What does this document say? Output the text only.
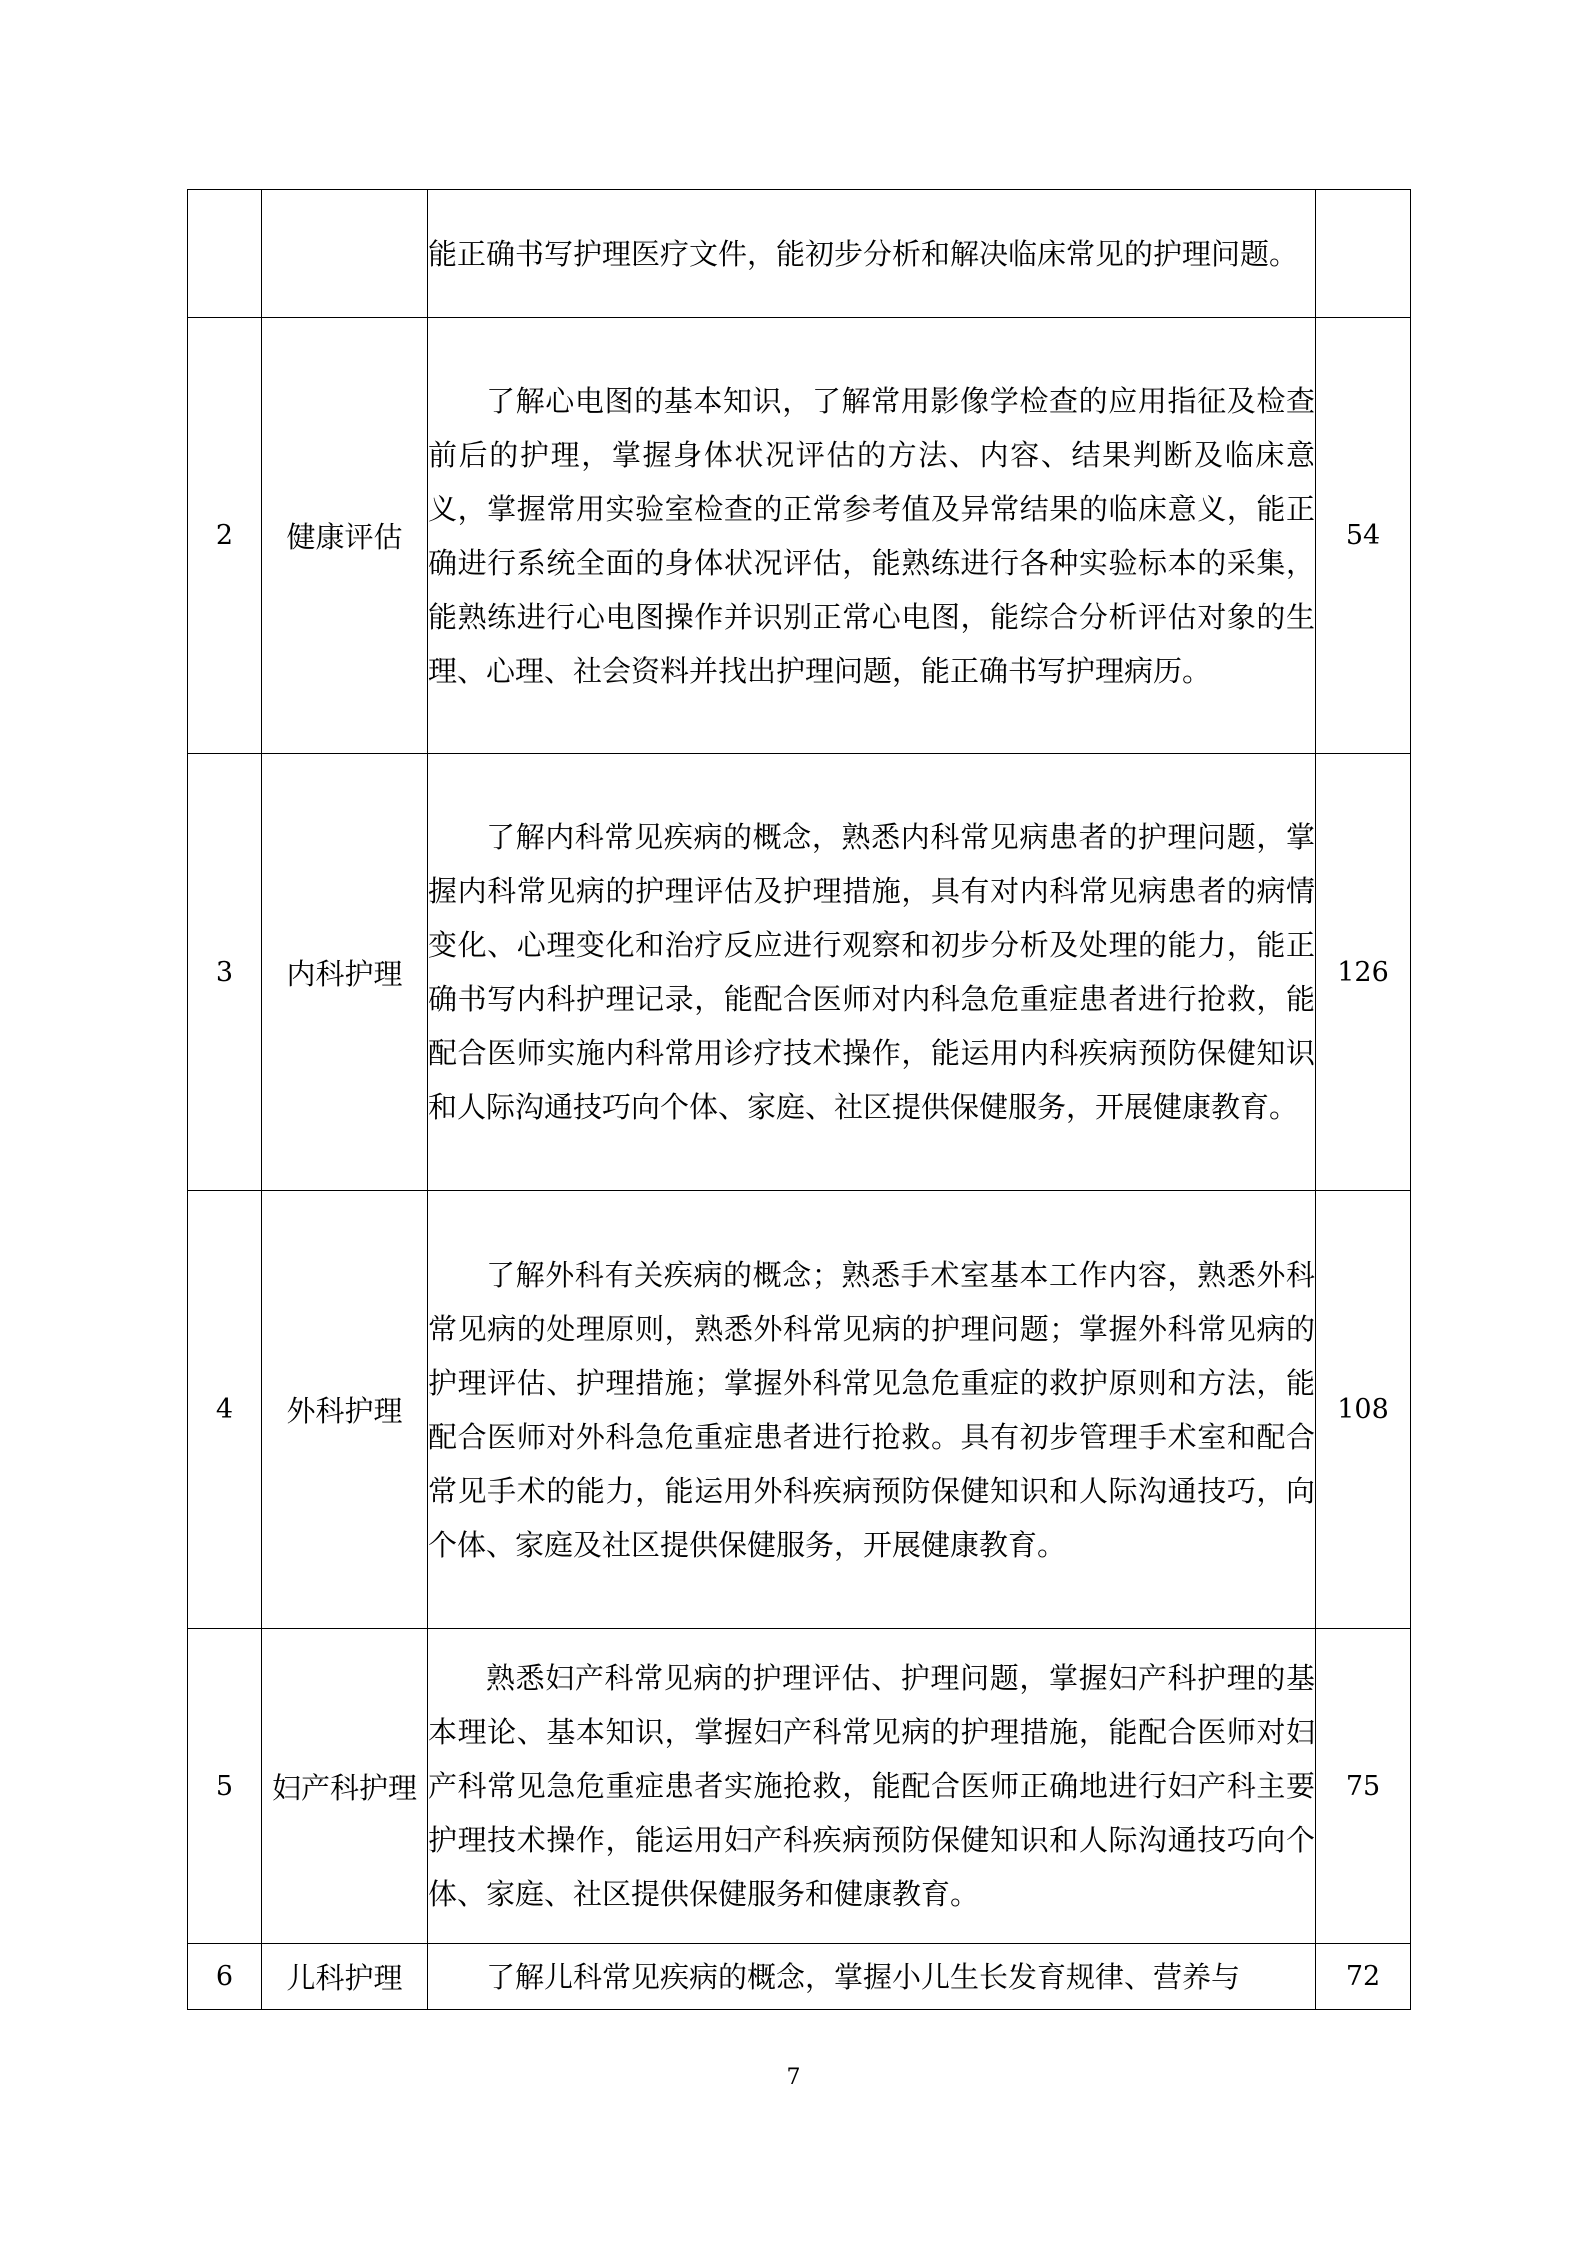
		能正确书写护理医疗文件，能初步分析和解决临床常见的护理问题。	
2	健康评估	了解心电图的基本知识，了解常用影像学检查的应用指征及检查前后的护理，掌握身体状况评估的方法、内容、结果判断及临床意义，掌握常用实验室检查的正常参考值及异常结果的临床意义，能正确进行系统全面的身体状况评估，能熟练进行各种实验标本的采集，能熟练进行心电图操作并识别正常心电图，能综合分析评估对象的生理、心理、社会资料并找出护理问题，能正确书写护理病历。	54
3	内科护理	了解内科常见疾病的概念，熟悉内科常见病患者的护理问题，掌握内科常见病的护理评估及护理措施，具有对内科常见病患者的病情变化、心理变化和治疗反应进行观察和初步分析及处理的能力，能正确书写内科护理记录，能配合医师对内科急危重症患者进行抢救，能配合医师实施内科常用诊疗技术操作，能运用内科疾病预防保健知识和人际沟通技巧向个体、家庭、社区提供保健服务，开展健康教育。	126
4	外科护理	了解外科有关疾病的概念；熟悉手术室基本工作内容，熟悉外科常见病的处理原则，熟悉外科常见病的护理问题；掌握外科常见病的护理评估、护理措施；掌握外科常见急危重症的救护原则和方法，能配合医师对外科急危重症患者进行抢救。具有初步管理手术室和配合常见手术的能力，能运用外科疾病预防保健知识和人际沟通技巧，向个体、家庭及社区提供保健服务，开展健康教育。	108
5	妇产科护理	熟悉妇产科常见病的护理评估、护理问题，掌握妇产科护理的基本理论、基本知识，掌握妇产科常见病的护理措施，能配合医师对妇产科常见急危重症患者实施抢救，能配合医师正确地进行妇产科主要护理技术操作，能运用妇产科疾病预防保健知识和人际沟通技巧向个体、家庭、社区提供保健服务和健康教育。	75
6	儿科护理	了解儿科常见疾病的概念，掌握小儿生长发育规律、营养与	72
7
